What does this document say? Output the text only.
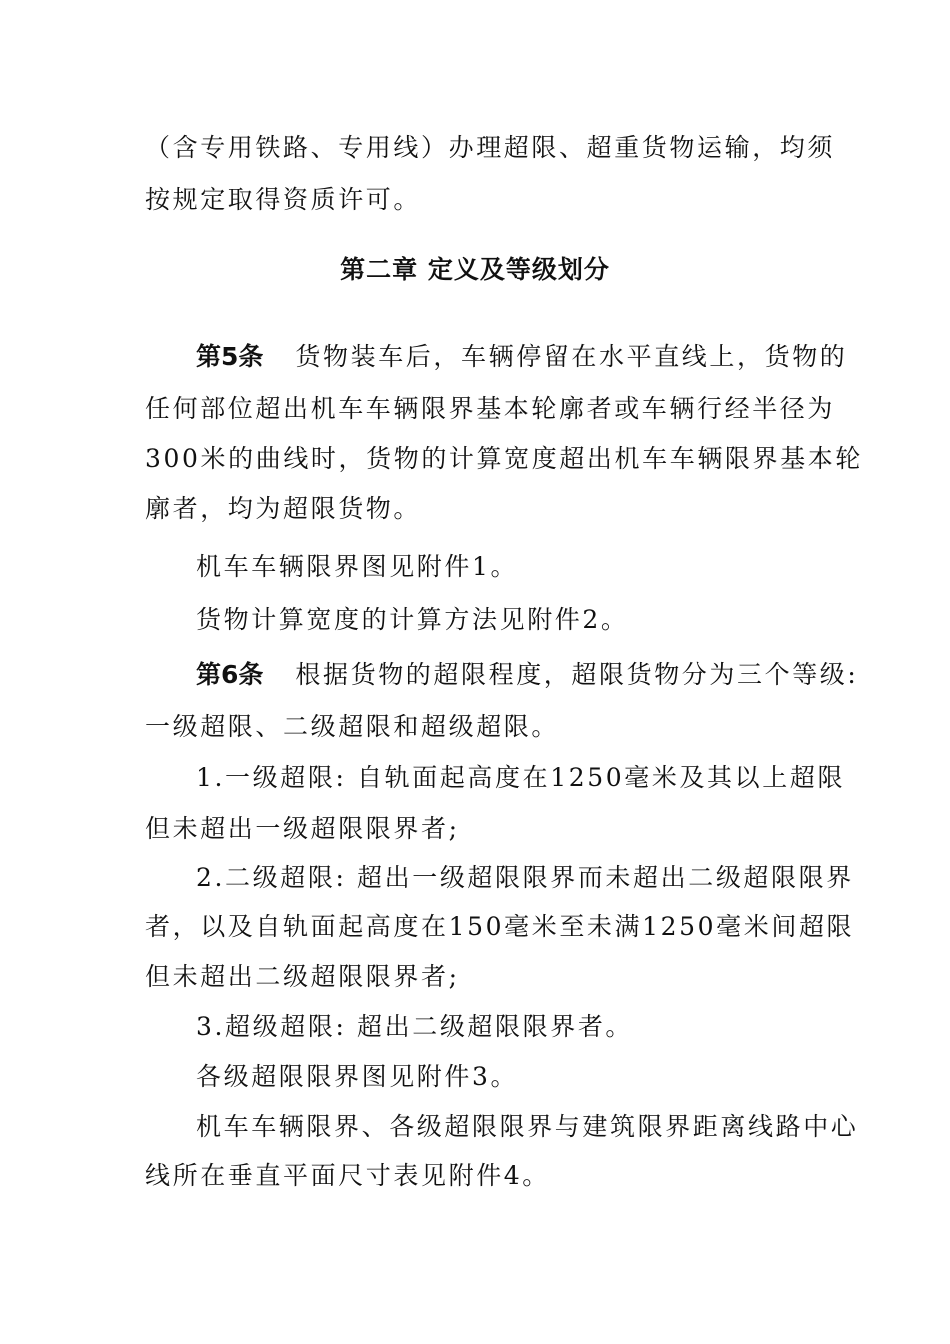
（含专用铁路、专用线）办理超限、超重货物运输，均须
按规定取得资质许可。
第二章 定义及等级划分
第5条 货物装车后，车辆停留在水平直线上，货物的
任何部位超出机车车辆限界基本轮廓者或车辆行经半径为
300米的曲线时，货物的计算宽度超出机车车辆限界基本轮
廓者，均为超限货物。
机车车辆限界图见附件1。
货物计算宽度的计算方法见附件2。
第6条 根据货物的超限程度，超限货物分为三个等级:
一级超限、二级超限和超级超限。
1.一级超限: 自轨面起高度在1250毫米及其以上超限
但未超出一级超限限界者;
2.二级超限: 超出一级超限限界而未超出二级超限限界
者，以及自轨面起高度在150毫米至未满1250毫米间超限
但未超出二级超限限界者;
3.超级超限: 超出二级超限限界者。
各级超限限界图见附件3。
机车车辆限界、各级超限限界与建筑限界距离线路中心
线所在垂直平面尺寸表见附件4。
